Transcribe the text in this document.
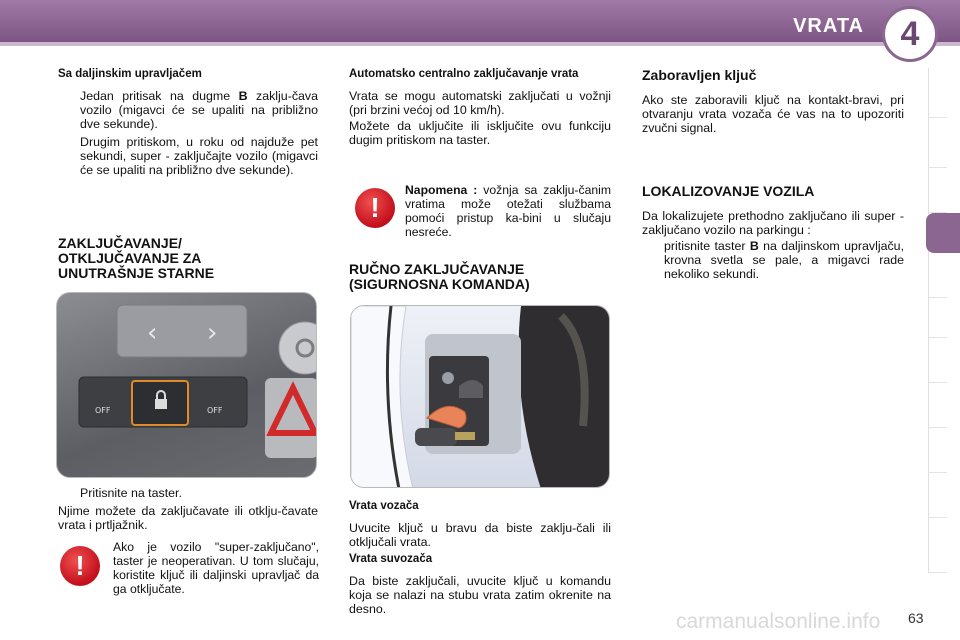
VRATA 4
Sa daljinskim upravljačem
Jedan pritisak na dugme B zaklju-čava vozilo (migavci će se upaliti na približno dve sekunde).
Drugim pritiskom, u roku od najduže pet sekundi, super - zaključajte vozilo (migavci će se upaliti na približno dve sekunde).
ZAKLJUČAVANJE/ OTKLJUČAVANJE ZA UNUTRAŠNJE STARNE
‹ ›
OFF	OFF
Pritisnite na taster.

Njime možete da zaključavate ili otklju-čavate vrata i prtljažnik.

!
Ako je vozilo "super-zaključano", taster je neoperativan. U tom slučaju, koristite ključ ili daljinski upravljač da ga otključate.
Automatsko centralno zaključavanje vrata

Vrata se mogu automatski zaključati u vožnji (pri brzini većoj od 10 km/h).

Možete da uključite ili isključite ovu funkciju dugim pritiskom na taster.

!
Napomena : vožnja sa zaklju-čanim vratima može otežati službama pomoći pristup ka-bini u slučaju nesreće.
RUČNO ZAKLJUČAVANJE (SIGURNOSNA KOMANDA)
Vrata vozača

Uvucite ključ u bravu da biste zaklju-čali ili otključali vrata.

Vrata suvozača

Da biste zaključali, uvucite ključ u komandu koja se nalazi na stubu vrata zatim okrenite na desno.

Zaboravljen ključ

Ako ste zaboravili ključ na kontakt-bravi, pri otvaranju vrata vozača će vas na to upozoriti zvučni signal.

LOKALIZOVANJE VOZILA

Da lokalizujete prethodno zaključano ili super -zaključano vozilo na parkingu :

pritisnite taster B na daljinskom upravljaču, krovna svetla se pale, a migavci rade nekoliko sekundi.
carmanualsonline.info 63
